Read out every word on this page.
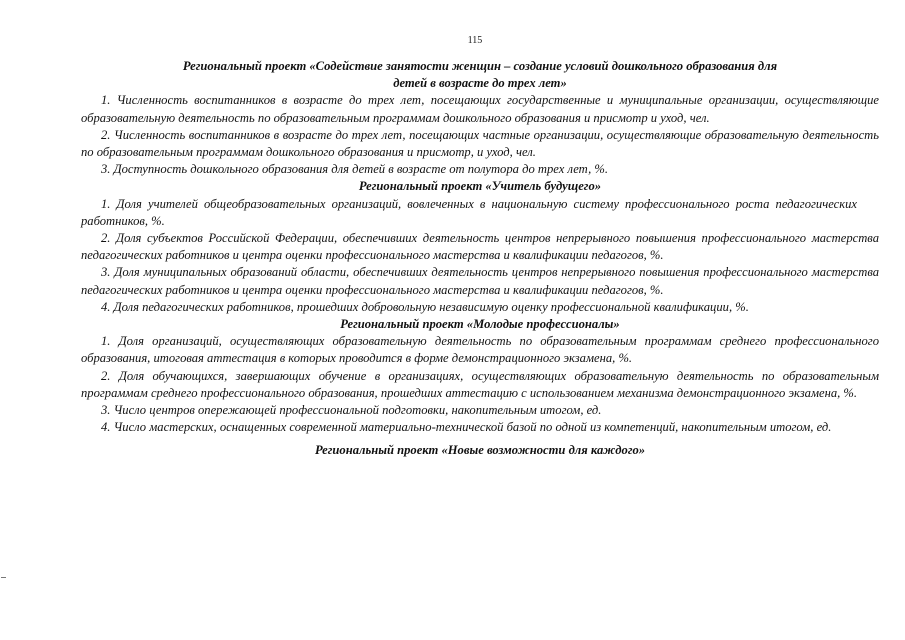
115

Региональный проект «Содействие занятости женщин – создание условий дошкольного образования для детей в возрасте до трех лет»

1. Численность воспитанников в возрасте до трех лет, посещающих государственные и муниципальные организации, осуществляющие образовательную деятельность по образовательным программам дошкольного образования и присмотр и уход, чел.

2. Численность воспитанников в возрасте до трех лет, посещающих частные организации, осуществляющие образовательную деятельность по образовательным программам дошкольного образования и присмотр, и уход, чел.

3. Доступность дошкольного образования для детей в возрасте от полутора до трех лет, %.

Региональный проект «Учитель будущего»

1. Доля учителей общеобразовательных организаций, вовлеченных в национальную систему профессионального роста педагогических работников, %.

2. Доля субъектов Российской Федерации, обеспечивших деятельность центров непрерывного повышения профессионального мастерства педагогических работников и центра оценки профессионального мастерства и квалификации педагогов, %.

3. Доля муниципальных образований области, обеспечивших деятельность центров непрерывного повышения профессионального мастерства педагогических работников и центра оценки профессионального мастерства и квалификации педагогов, %.

4. Доля педагогических работников, прошедших добровольную независимую оценку профессиональной квалификации, %.

Региональный проект «Молодые профессионалы»

1. Доля организаций, осуществляющих образовательную деятельность по образовательным программам среднего профессионального образования, итоговая аттестация в которых проводится в форме демонстрационного экзамена, %.

2. Доля обучающихся, завершающих обучение в организациях, осуществляющих образовательную деятельность по образовательным программам среднего профессионального образования, прошедших аттестацию с использованием механизма демонстрационного экзамена, %.

3. Число центров опережающей профессиональной подготовки, накопительным итогом, ед.

4. Число мастерских, оснащенных современной материально-технической базой по одной из компетенций, накопительным итогом, ед.

Региональный проект «Новые возможности для каждого»
